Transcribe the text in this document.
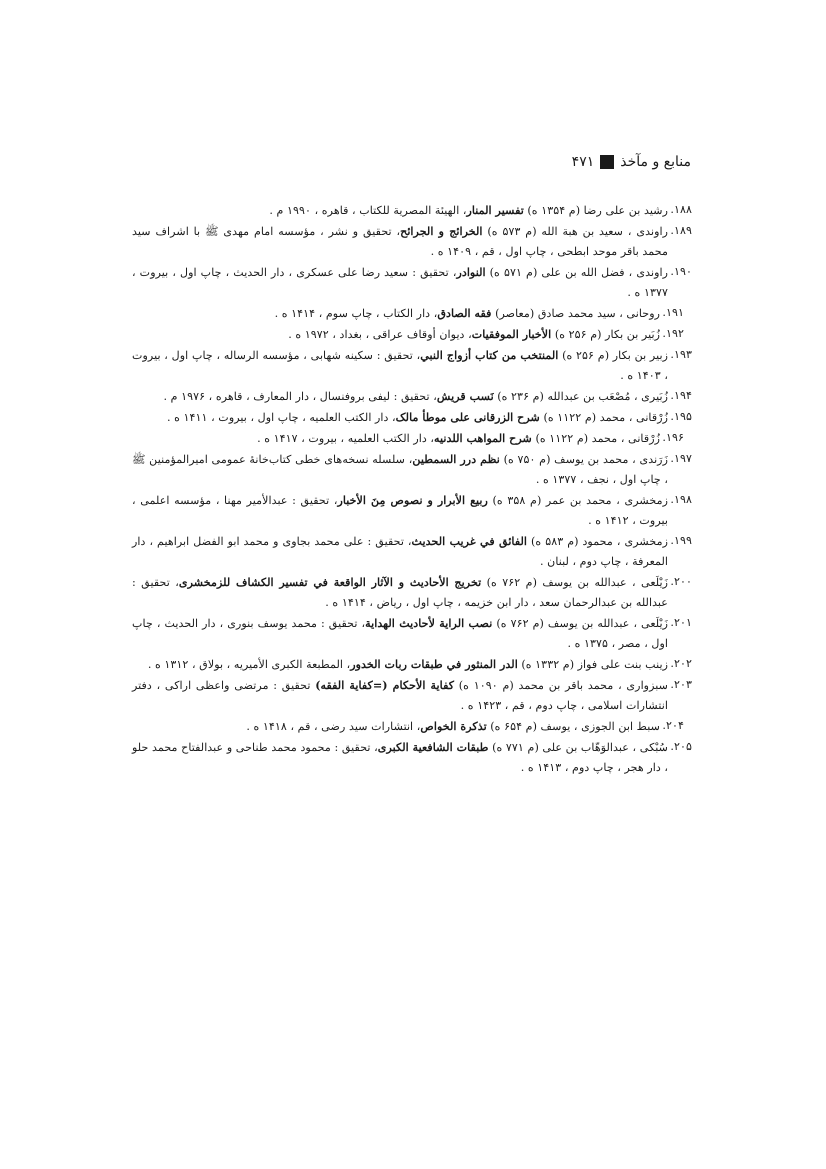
منابع و مآخذ
۴۷۱
۱۸۸.
رشید بن علی رضا (م ۱۳۵۴ ه) تفسیر المنار، الهیئة المصریة للکتاب ، قاهره ، ۱۹۹۰ م .
۱۸۹.
راوندی ، سعید بن هبة الله (م ۵۷۳ ه) الخرائج و الجرائح، تحقیق و نشر ، مؤسسه امام مهدی ﷺ با اشراف سید محمد باقر موحد ابطحی ، چاپ اول ، قم ، ۱۴۰۹ ه .
۱۹۰.
راوندی ، فضل الله بن علی (م ۵۷۱ ه) النوادر، تحقیق : سعید رضا علی عسکری ، دار الحدیث ، چاپ اول ، بیروت ، ۱۳۷۷ ه .
۱۹۱.
روحانی ، سید محمد صادق (معاصر) فقه الصادق، دار الکتاب ، چاپ سوم ، ۱۴۱۴ ه .
۱۹۲.
زُبَیر بن بکار (م ۲۵۶ ه) الأخبار الموفقیات، دیوان أوقاف عراقی ، بغداد ، ۱۹۷۲ ه .
۱۹۳.
زبیر بن بکار (م ۲۵۶ ه) المنتخب من کتاب أزواج النبي، تحقیق : سکینه شهابی ، مؤسسه الرساله ، چاپ اول ، بیروت ، ۱۴۰۳ ه .
۱۹۴.
زُبَیری ، مُصْعَب بن عبدالله (م ۲۳۶ ه) نَسب قریش، تحقیق : لیفی بروفنسال ، دار المعارف ، قاهره ، ۱۹۷۶ م .
۱۹۵.
زُرْقانی ، محمد (م ۱۱۲۲ ه) شرح الزرقانی علی موطأ مالک، دار الکتب العلمیه ، چاپ اول ، بیروت ، ۱۴۱۱ ه .
۱۹۶.
زُرْقانی ، محمد (م ۱۱۲۲ ه) شرح المواهب اللدنیه، دار الکتب العلمیه ، بیروت ، ۱۴۱۷ ه .
۱۹۷.
زَرَندی ، محمد بن یوسف (م ۷۵۰ ه) نظم درر السمطین، سلسله نسخه‌های خطی کتاب‌خانهٔ عمومی امیرالمؤمنین ﷺ ، چاپ اول ، نجف ، ۱۳۷۷ ه .
۱۹۸.
زمخشری ، محمد بن عمر (م ۳۵۸ ه) ربیع الأبرار و نصوص مِنَ الأخبار، تحقیق : عبدالأمیر مهنا ، مؤسسه اعلمی ، بیروت ، ۱۴۱۲ ه .
۱۹۹.
زمخشری ، محمود (م ۵۸۳ ه) الفائق في غریب الحدیث، تحقیق : علی محمد بجاوی و محمد ابو الفضل ابراهیم ، دار المعرفة ، چاپ دوم ، لبنان .
۲۰۰.
زَیْلَعی ، عبدالله بن یوسف (م ۷۶۲ ه) تخریج الأحادیث و الآثار الواقعة في تفسیر الکشاف للزمخشری، تحقیق : عبدالله بن عبدالرحمان سعد ، دار ابن خزیمه ، چاپ اول ، ریاض ، ۱۴۱۴ ه .
۲۰۱.
زَیْلَعی ، عبدالله بن یوسف (م ۷۶۲ ه) نصب الرایة لأحادیث الهدایة، تحقیق : محمد یوسف بنوری ، دار الحدیث ، چاپ اول ، مصر ، ۱۳۷۵ ه .
۲۰۲.
زینب بنت علی فواز (م ۱۳۳۲ ه) الدر المنثور في طبقات ربات الخدور، المطبعة الکبری الأمیریه ، بولاق ، ۱۳۱۲ ه .
۲۰۳.
سبزواری ، محمد باقر بن محمد (م ۱۰۹۰ ه) کفایة الأحکام (=کفایة الفقه) تحقیق : مرتضی واعظی اراکی ، دفتر انتشارات اسلامی ، چاپ دوم ، قم ، ۱۴۲۳ ه .
۲۰۴.
سبط ابن الجوزی ، یوسف (م ۶۵۴ ه) تذکرة الخواص، انتشارات سید رضی ، قم ، ۱۴۱۸ ه .
۲۰۵.
سُبْکی ، عبدالوَهّاب بن علی (م ۷۷۱ ه) طبقات الشافعیة الکبری، تحقیق : محمود محمد طناحی و عبدالفتاح محمد حلو ، دار هجر ، چاپ دوم ، ۱۴۱۳ ه .
